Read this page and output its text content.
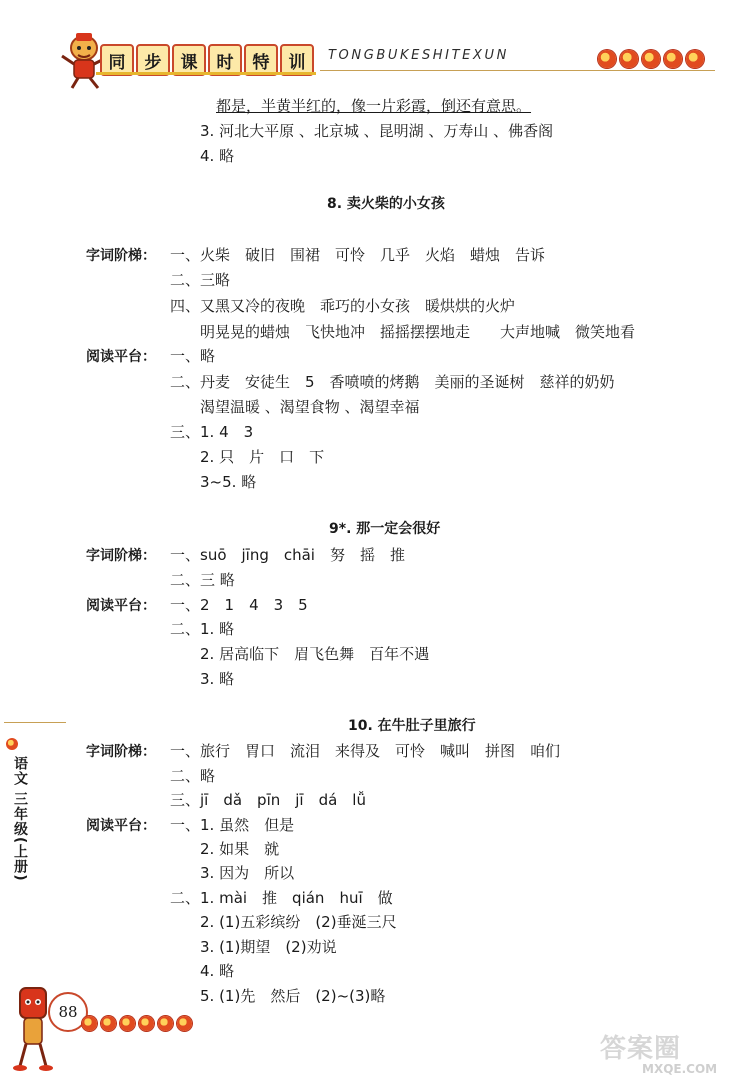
同	步	课	时	特	训	TONGBUKESHITEXUN
都是，半黄半红的，像一片彩霞，倒还有意思。
3. 河北大平原 、北京城 、昆明湖 、万寿山 、佛香阁
4. 略
8. 卖火柴的小女孩
字词阶梯： 一、火柴　破旧　围裙　可怜　几乎　火焰　蜡烛　告诉
二、三略
四、又黑又冷的夜晚　乖巧的小女孩　暖烘烘的火炉
明晃晃的蜡烛　飞快地冲　摇摇摆摆地走　　大声地喊　微笑地看
阅读平台： 一、略
二、丹麦　安徒生　5　香喷喷的烤鹅　美丽的圣诞树　慈祥的奶奶
渴望温暖 、渴望食物 、渴望幸福
三、1. 4　3
2. 只　片　口　下
3~5. 略
9*. 那一定会很好
字词阶梯： 一、suō　jīng　chāi　努　摇　推
二、三 略
阅读平台： 一、2　1　4　3　5
二、1. 略
2. 居高临下　眉飞色舞　百年不遇
3. 略
10. 在牛肚子里旅行
字词阶梯： 一、旅行　胃口　流泪　来得及　可怜　喊叫　拼图　咱们
二、略
三、jī　dǎ　pīn　jī　dá　lǚ
阅读平台： 一、1. 虽然　但是
2. 如果　就
3. 因为　所以
二、1. mài　推　qián　huī　做
2. (1)五彩缤纷　(2)垂涎三尺
3. (1)期望　(2)劝说
4. 略
5. (1)先　然后　(2)~(3)略
语文 三年级(上册)
88
答案圈
MXQE.COM
